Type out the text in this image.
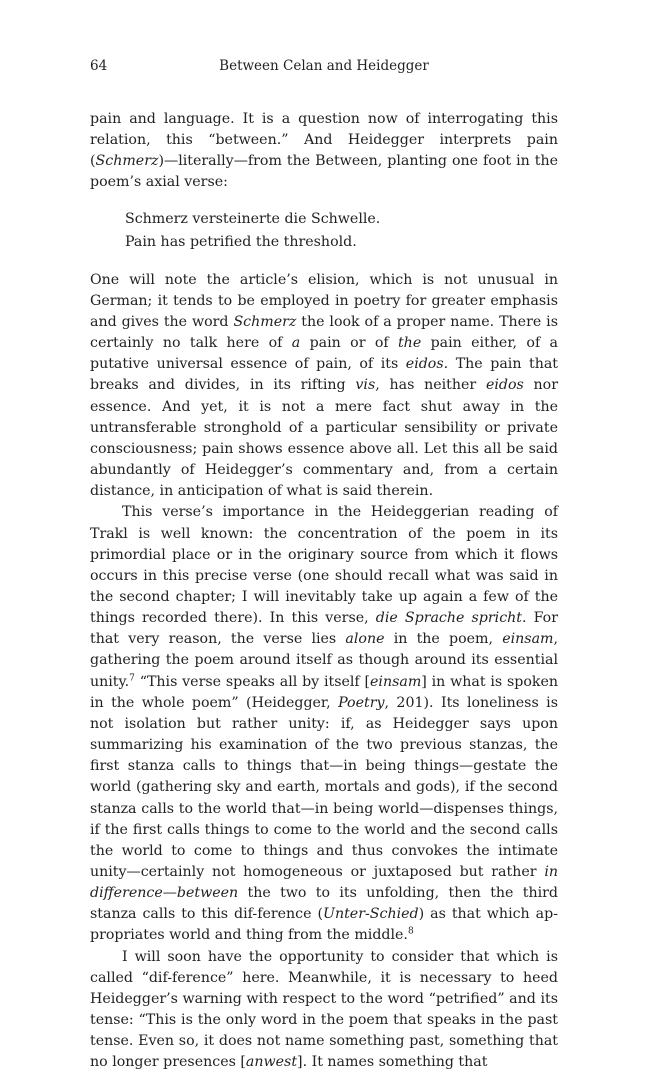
64	Between Celan and Heidegger

pain and language. It is a question now of interrogating this relation, this “between.” And Heidegger interprets pain (Schmerz)—literally—from the Between, planting one foot in the poem’s axial verse:

Schmerz versteinerte die Schwelle.
Pain has petrified the threshold.

One will note the article’s elision, which is not unusual in German; it tends to be employed in poetry for greater emphasis and gives the word Schmerz the look of a proper name. There is certainly no talk here of a pain or of the pain either, of a putative universal essence of pain, of its eidos. The pain that breaks and divides, in its rifting vis, has neither eidos nor essence. And yet, it is not a mere fact shut away in the untransferable stronghold of a particular sensibility or private consciousness; pain shows essence above all. Let this all be said abundantly of Heidegger’s commentary and, from a certain distance, in anticipation of what is said therein.

This verse’s importance in the Heideggerian reading of Trakl is well known: the concentration of the poem in its primordial place or in the originary source from which it flows occurs in this precise verse (one should recall what was said in the second chapter; I will inevitably take up again a few of the things recorded there). In this verse, die Sprache spricht. For that very reason, the verse lies alone in the poem, einsam, gathering the poem around itself as though around its essential unity.$^7$ “This verse speaks all by itself [einsam] in what is spoken in the whole poem” (Heidegger, Poetry, 201). Its loneliness is not isolation but rather unity: if, as Heidegger says upon summarizing his examination of the two previous stanzas, the first stanza calls to things that—in being things—gestate the world (gathering sky and earth, mortals and gods), if the second stanza calls to the world that—in being world—dispenses things, if the first calls things to come to the world and the second calls the world to come to things and thus convokes the intimate unity—certainly not homogeneous or juxtaposed but rather in difference—between the two to its unfolding, then the third stanza calls to this dif-ference (Unter-Schied) as that which ap-propriates world and thing from the middle.$^8$

I will soon have the opportunity to consider that which is called “dif-ference” here. Meanwhile, it is necessary to heed Heidegger’s warning with respect to the word “petrified” and its tense: “This is the only word in the poem that speaks in the past tense. Even so, it does not name something past, something that no longer presences [anwest]. It names something that
